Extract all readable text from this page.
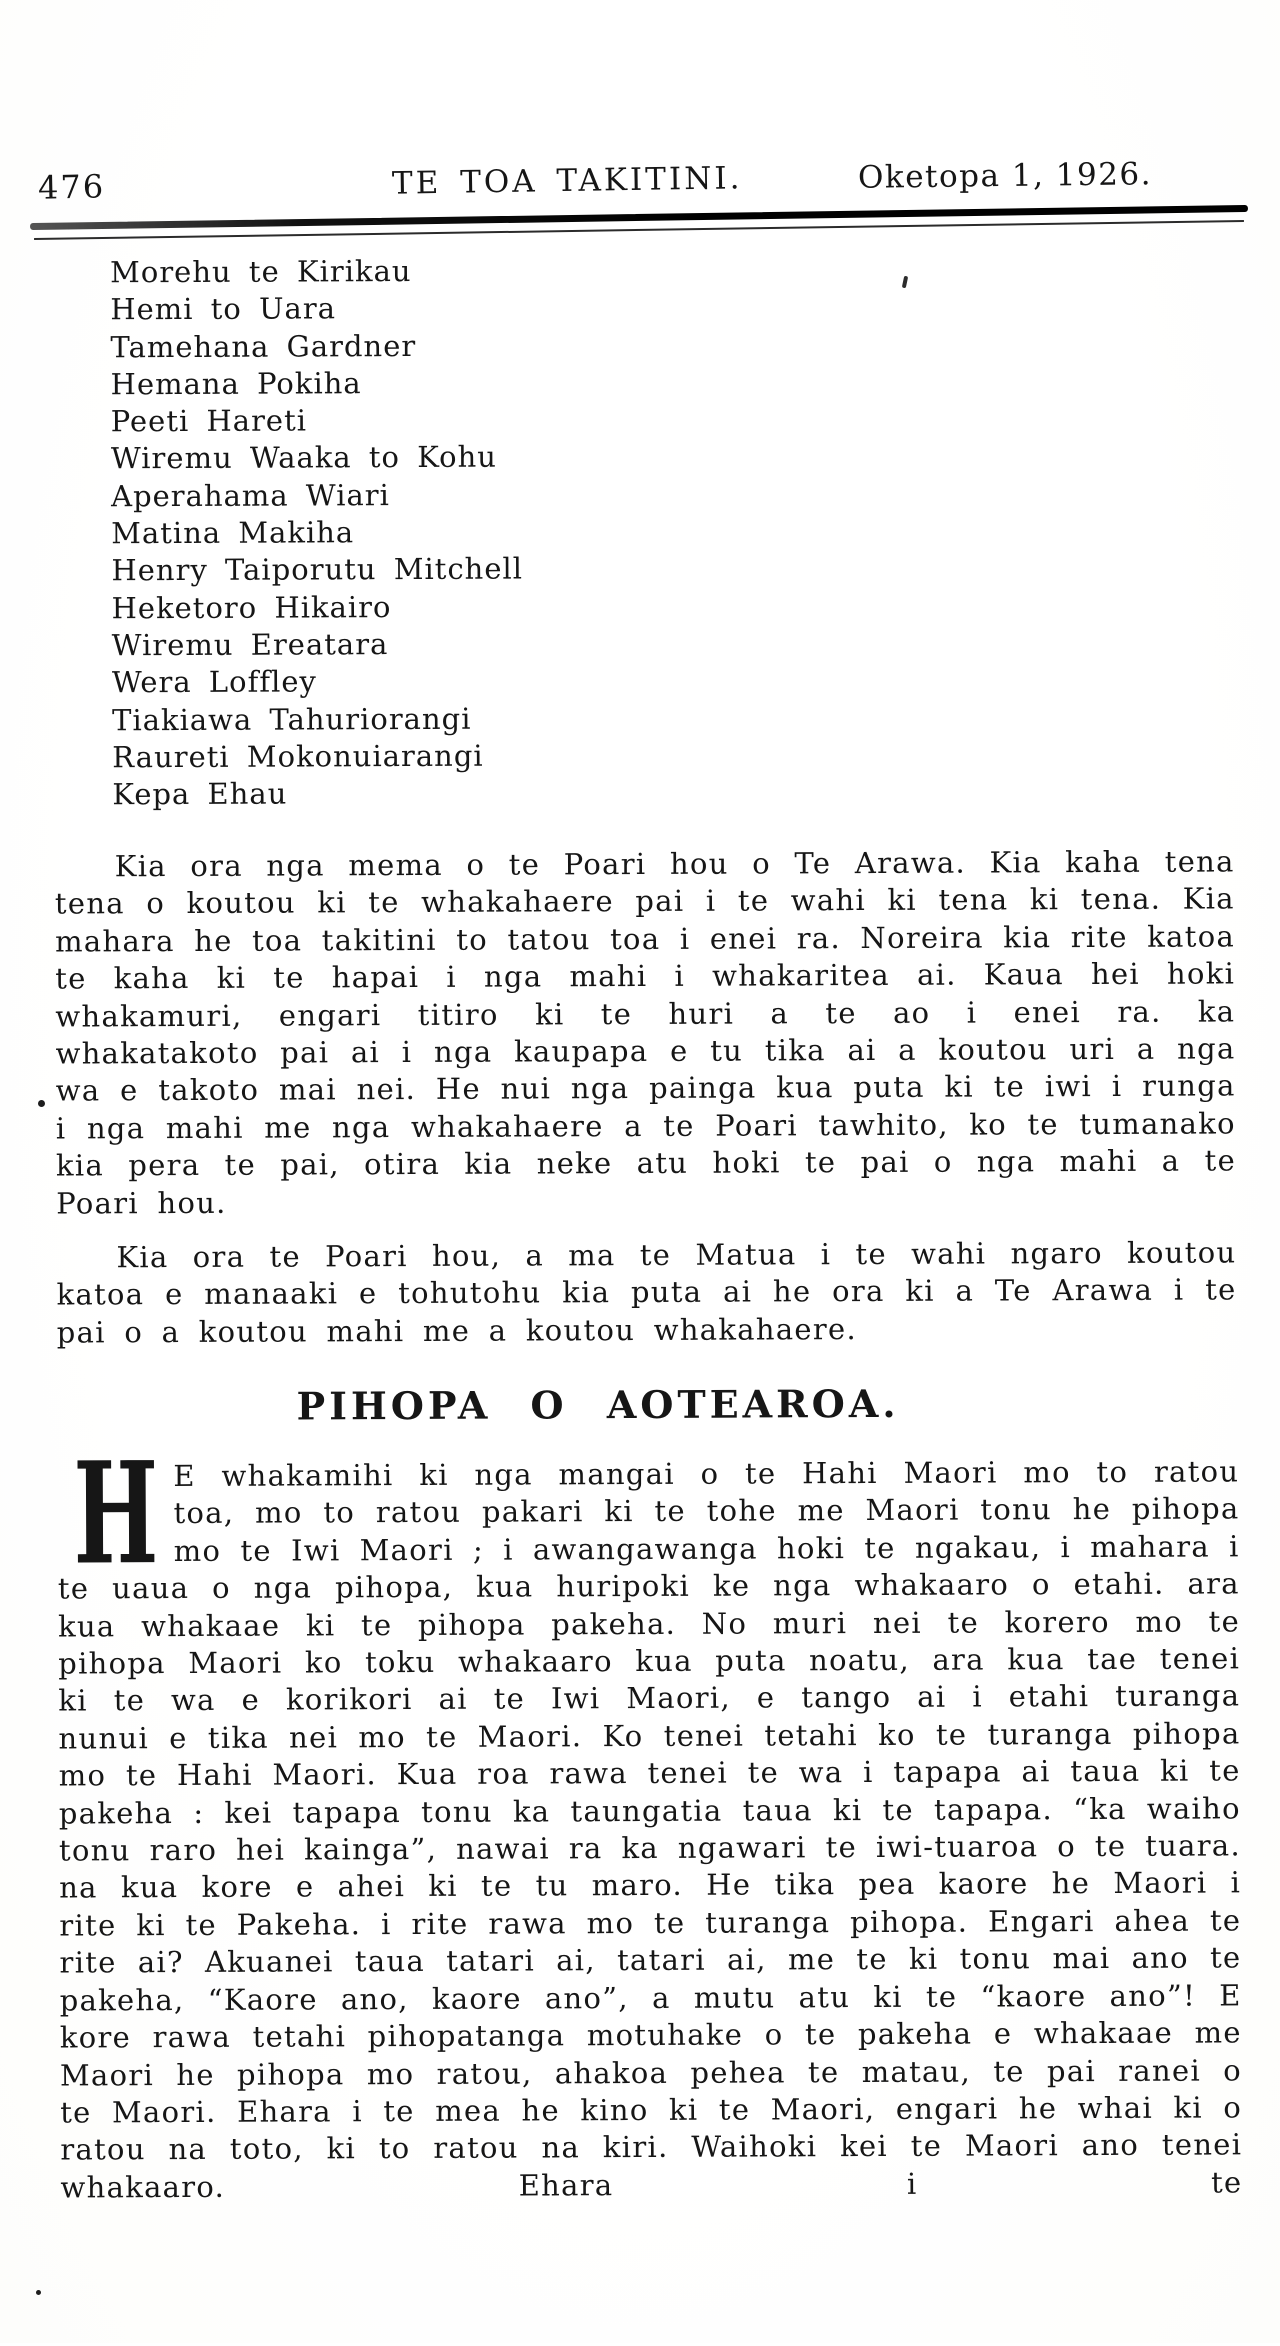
476	TE TOA TAKITINI.	Oketopa 1, 1926.
Morehu te Kirikau
Hemi to Uara
Tamehana Gardner
Hemana Pokiha
Peeti Hareti
Wiremu Waaka to Kohu
Aperahama Wiari
Matina Makiha
Henry Taiporutu Mitchell
Heketoro Hikairo
Wiremu Ereatara
Wera Loffley
Tiakiawa Tahuriorangi
Raureti Mokonuiarangi
Kepa Ehau

Kia ora nga mema o te Poari hou o Te Arawa. Kia kaha tena tena o koutou ki te whakahaere pai i te wahi ki tena ki tena. Kia mahara he toa takitini to tatou toa i enei ra. Noreira kia rite katoa te kaha ki te hapai i nga mahi i whakaritea ai. Kaua hei hoki whakamuri, engari titiro ki te huri a te ao i enei ra. ka whakatakoto pai ai i nga kaupapa e tu tika ai a koutou uri a nga wa e takoto mai nei. He nui nga painga kua puta ki te iwi i runga i nga mahi me nga whakahaere a te Poari tawhito, ko te tumanako kia pera te pai, otira kia neke atu hoki te pai o nga mahi a te Poari hou.

Kia ora te Poari hou, a ma te Matua i te wahi ngaro koutou katoa e manaaki e tohutohu kia puta ai he ora ki a Te Arawa i te pai o a koutou mahi me a koutou whakahaere.

PIHOPA O AOTEAROA.
H E whakamihi ki nga mangai o te Hahi Maori mo to ratou toa, mo to ratou pakari ki te tohe me Maori tonu he pihopa mo te Iwi Maori ; i awangawanga hoki te ngakau, i mahara i te uaua o nga pihopa, kua huripoki ke nga whakaaro o etahi. ara kua whakaae ki te pihopa pakeha. No muri nei te korero mo te pihopa Maori ko toku whakaaro kua puta noatu, ara kua tae tenei ki te wa e korikori ai te Iwi Maori, e tango ai i etahi turanga nunui e tika nei mo te Maori. Ko tenei tetahi ko te turanga pihopa mo te Hahi Maori. Kua roa rawa tenei te wa i tapapa ai taua ki te pakeha : kei tapapa tonu ka taungatia taua ki te tapapa. “ka waiho tonu raro hei kainga”, nawai ra ka ngawari te iwi-tuaroa o te tuara. na kua kore e ahei ki te tu maro. He tika pea kaore he Maori i rite ki te Pakeha. i rite rawa mo te turanga pihopa. Engari ahea te rite ai? Akuanei taua tatari ai, tatari ai, me te ki tonu mai ano te pakeha, “Kaore ano, kaore ano”, a mutu atu ki te “kaore ano”! E kore rawa tetahi pihopatanga motuhake o te pakeha e whakaae me Maori he pihopa mo ratou, ahakoa pehea te matau, te pai ranei o te Maori. Ehara i te mea he kino ki te Maori, engari he whai ki o ratou na toto, ki to ratou na kiri. Waihoki kei te Maori ano tenei whakaaro. Ehara i te
